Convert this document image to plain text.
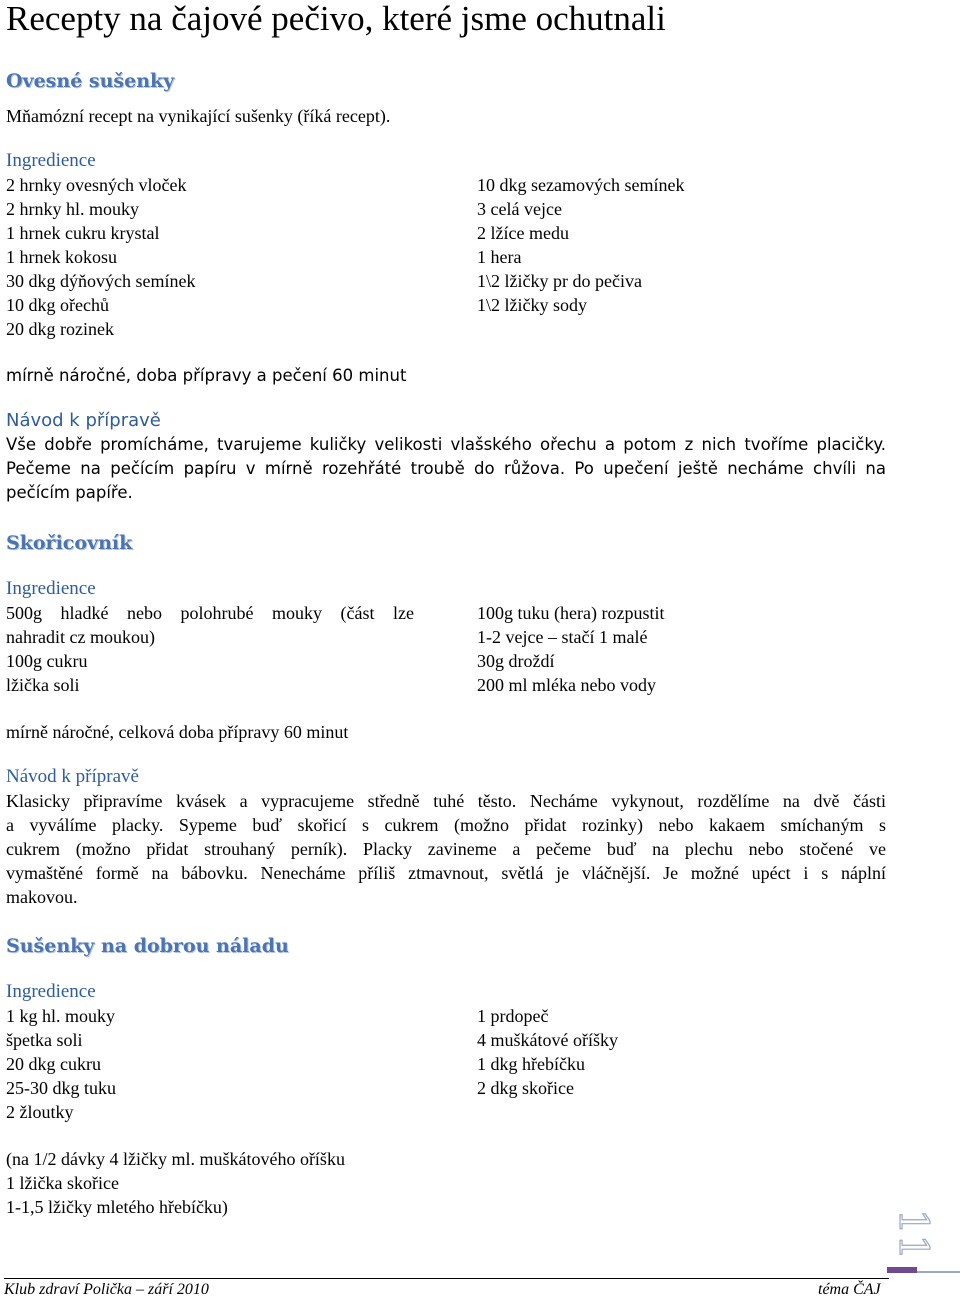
Recepty na čajové pečivo, které jsme ochutnali
Ovesné sušenky
Mňamózní recept na vynikající sušenky (říká recept).
Ingredience
2 hrnky ovesných vloček
2 hrnky hl. mouky
1 hrnek cukru krystal
1 hrnek kokosu
30 dkg dýňových semínek
10 dkg ořechů
20 dkg rozinek
10 dkg sezamových semínek
3 celá vejce
2 lžíce medu
1 hera
1\2 lžičky pr do pečiva
1\2 lžičky sody
mírně náročné, doba přípravy a pečení 60 minut
Návod k přípravě
Vše dobře promícháme, tvarujeme kuličky velikosti vlašského ořechu a potom z nich tvoříme placičky.
Pečeme na pečícím papíru v mírně rozehřáté troubě do růžova. Po upečení ještě necháme chvíli na
pečícím papíře.
Skořicovník
Ingredience
500g hladké nebo polohrubé mouky (část lze
nahradit cz moukou)
100g cukru
lžička soli
100g tuku (hera) rozpustit
1-2 vejce – stačí 1 malé
30g droždí
200 ml mléka nebo vody
mírně náročné, celková doba přípravy 60 minut
Návod k přípravě
Klasicky připravíme kvásek a vypracujeme středně tuhé těsto. Necháme vykynout, rozdělíme na dvě části
a vyválíme placky. Sypeme buď skořicí s cukrem (možno přidat rozinky) nebo kakaem smíchaným s
cukrem (možno přidat strouhaný perník). Placky zavineme a pečeme buď na plechu nebo stočené ve
vymaštěné formě na bábovku. Nenecháme příliš ztmavnout, světlá je vláčnější. Je možné upéct i s náplní
makovou.
Sušenky na dobrou náladu
Ingredience
1 kg hl. mouky
špetka soli
20 dkg cukru
25-30 dkg tuku
2 žloutky
1 prdopeč
4 muškátové oříšky
1 dkg hřebíčku
2 dkg skořice
(na 1/2 dávky 4 lžičky ml. muškátového oříšku
1 lžička skořice
1-1,5 lžičky mletého hřebíčku)
11
Klub zdraví Polička – září 2010	téma ČAJ
